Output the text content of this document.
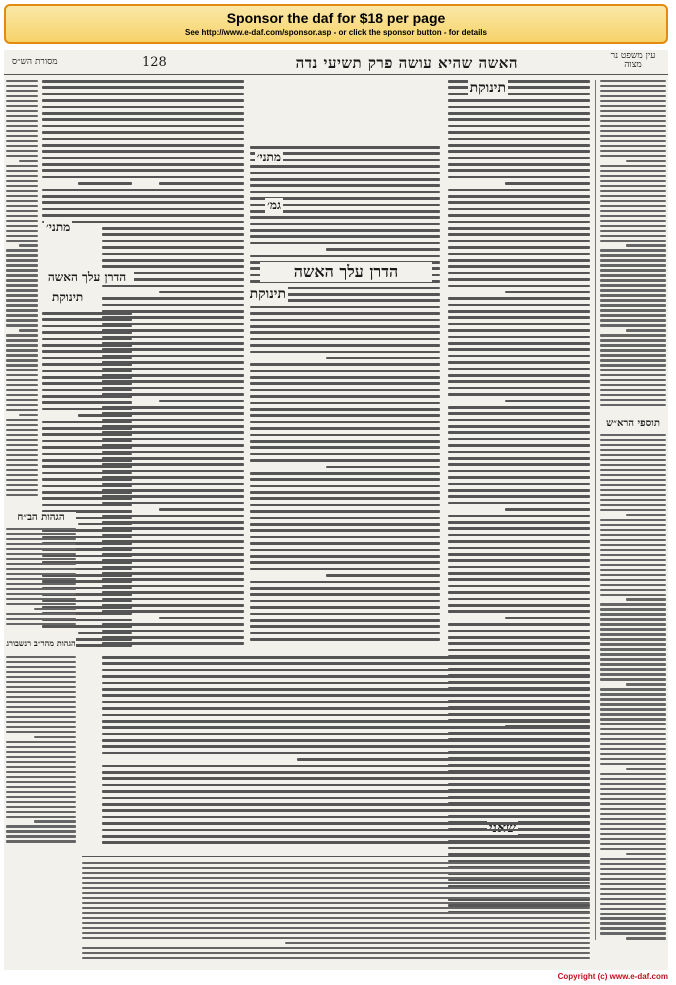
Sponsor the daf for $18 per page
See http://www.e-daf.com/sponsor.asp - or click the sponsor button - for details
עין משפט נר מצוה
האשה שהיא עושה פרק תשיעי נדה
128
מסורת הש״ס
תוספי הרא״ש
תינוקת
מתני׳
גמ׳
הדרן עלך האשה
תינוקת
מתני׳
הדרן עלך האשה
תינוקת
הגהות הב״ח
הגהות מהר״ב רנשבורג
Copyright (c) www.e-daf.com
